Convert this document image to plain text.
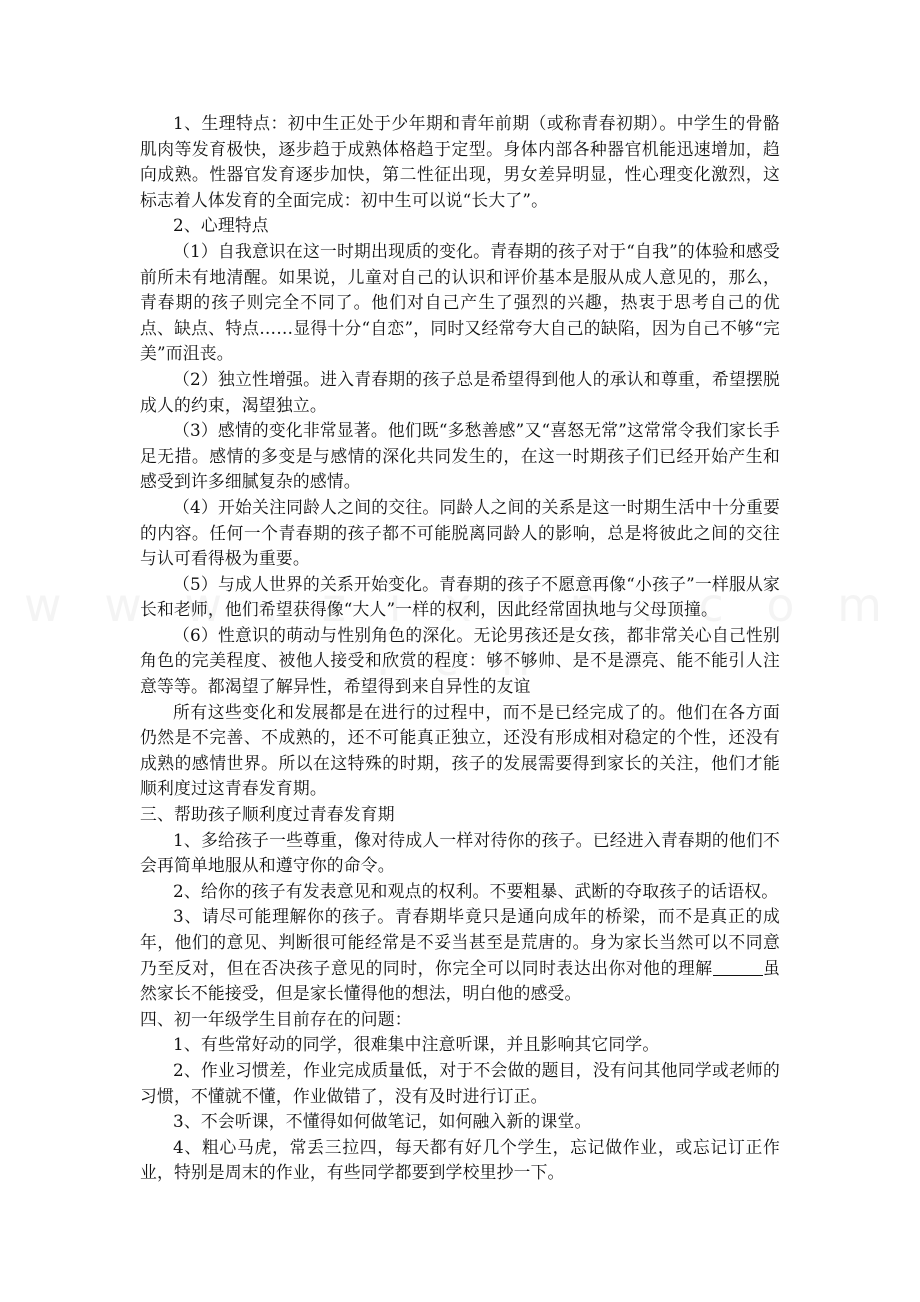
1、生理特点：初中生正处于少年期和青年前期（或称青春初期）。中学生的骨骼肌肉等发育极快，逐步趋于成熟体格趋于定型。身体内部各种器官机能迅速增加，趋向成熟。性器官发育逐步加快，第二性征出现，男女差异明显，性心理变化激烈，这标志着人体发育的全面完成：初中生可以说“长大了”。

2、心理特点

（1）自我意识在这一时期出现质的变化。青春期的孩子对于“自我”的体验和感受前所未有地清醒。如果说，儿童对自己的认识和评价基本是服从成人意见的，那么，青春期的孩子则完全不同了。他们对自己产生了强烈的兴趣，热衷于思考自己的优点、缺点、特点……显得十分“自恋”，同时又经常夸大自己的缺陷，因为自己不够“完美”而沮丧。

（2）独立性增强。进入青春期的孩子总是希望得到他人的承认和尊重，希望摆脱成人的约束，渴望独立。

（3）感情的变化非常显著。他们既“多愁善感”又“喜怒无常”这常常令我们家长手足无措。感情的多变是与感情的深化共同发生的，在这一时期孩子们已经开始产生和感受到许多细腻复杂的感情。

（4）开始关注同龄人之间的交往。同龄人之间的关系是这一时期生活中十分重要的内容。任何一个青春期的孩子都不可能脱离同龄人的影响，总是将彼此之间的交往与认可看得极为重要。

（5）与成人世界的关系开始变化。青春期的孩子不愿意再像“小孩子”一样服从家长和老师，他们希望获得像“大人”一样的权利，因此经常固执地与父母顶撞。

（6）性意识的萌动与性别角色的深化。无论男孩还是女孩，都非常关心自己性别角色的完美程度、被他人接受和欣赏的程度：够不够帅、是不是漂亮、能不能引人注意等等。都渴望了解异性，希望得到来自异性的友谊

所有这些变化和发展都是在进行的过程中，而不是已经完成了的。他们在各方面仍然是不完善、不成熟的，还不可能真正独立，还没有形成相对稳定的个性，还没有成熟的感情世界。所以在这特殊的时期，孩子的发展需要得到家长的关注，他们才能顺利度过这青春发育期。

三、帮助孩子顺利度过青春发育期

1、多给孩子一些尊重，像对待成人一样对待你的孩子。已经进入青春期的他们不会再简单地服从和遵守你的命令。

2、给你的孩子有发表意见和观点的权利。不要粗暴、武断的夺取孩子的话语权。

3、请尽可能理解你的孩子。青春期毕竟只是通向成年的桥梁，而不是真正的成年，他们的意见、判断很可能经常是不妥当甚至是荒唐的。身为家长当然可以不同意乃至反对，但在否决孩子意见的同时，你完全可以同时表达出你对他的理解	虽然家长不能接受，但是家长懂得他的想法，明白他的感受。

四、初一年级学生目前存在的问题：

1、有些常好动的同学，很难集中注意听课，并且影响其它同学。

2、作业习惯差，作业完成质量低，对于不会做的题目，没有问其他同学或老师的习惯，不懂就不懂，作业做错了，没有及时进行订正。

3、不会听课，不懂得如何做笔记，如何融入新的课堂。

4、粗心马虎，常丢三拉四，每天都有好几个学生，忘记做作业，或忘记订正作业，特别是周末的作业，有些同学都要到学校里抄一下。
